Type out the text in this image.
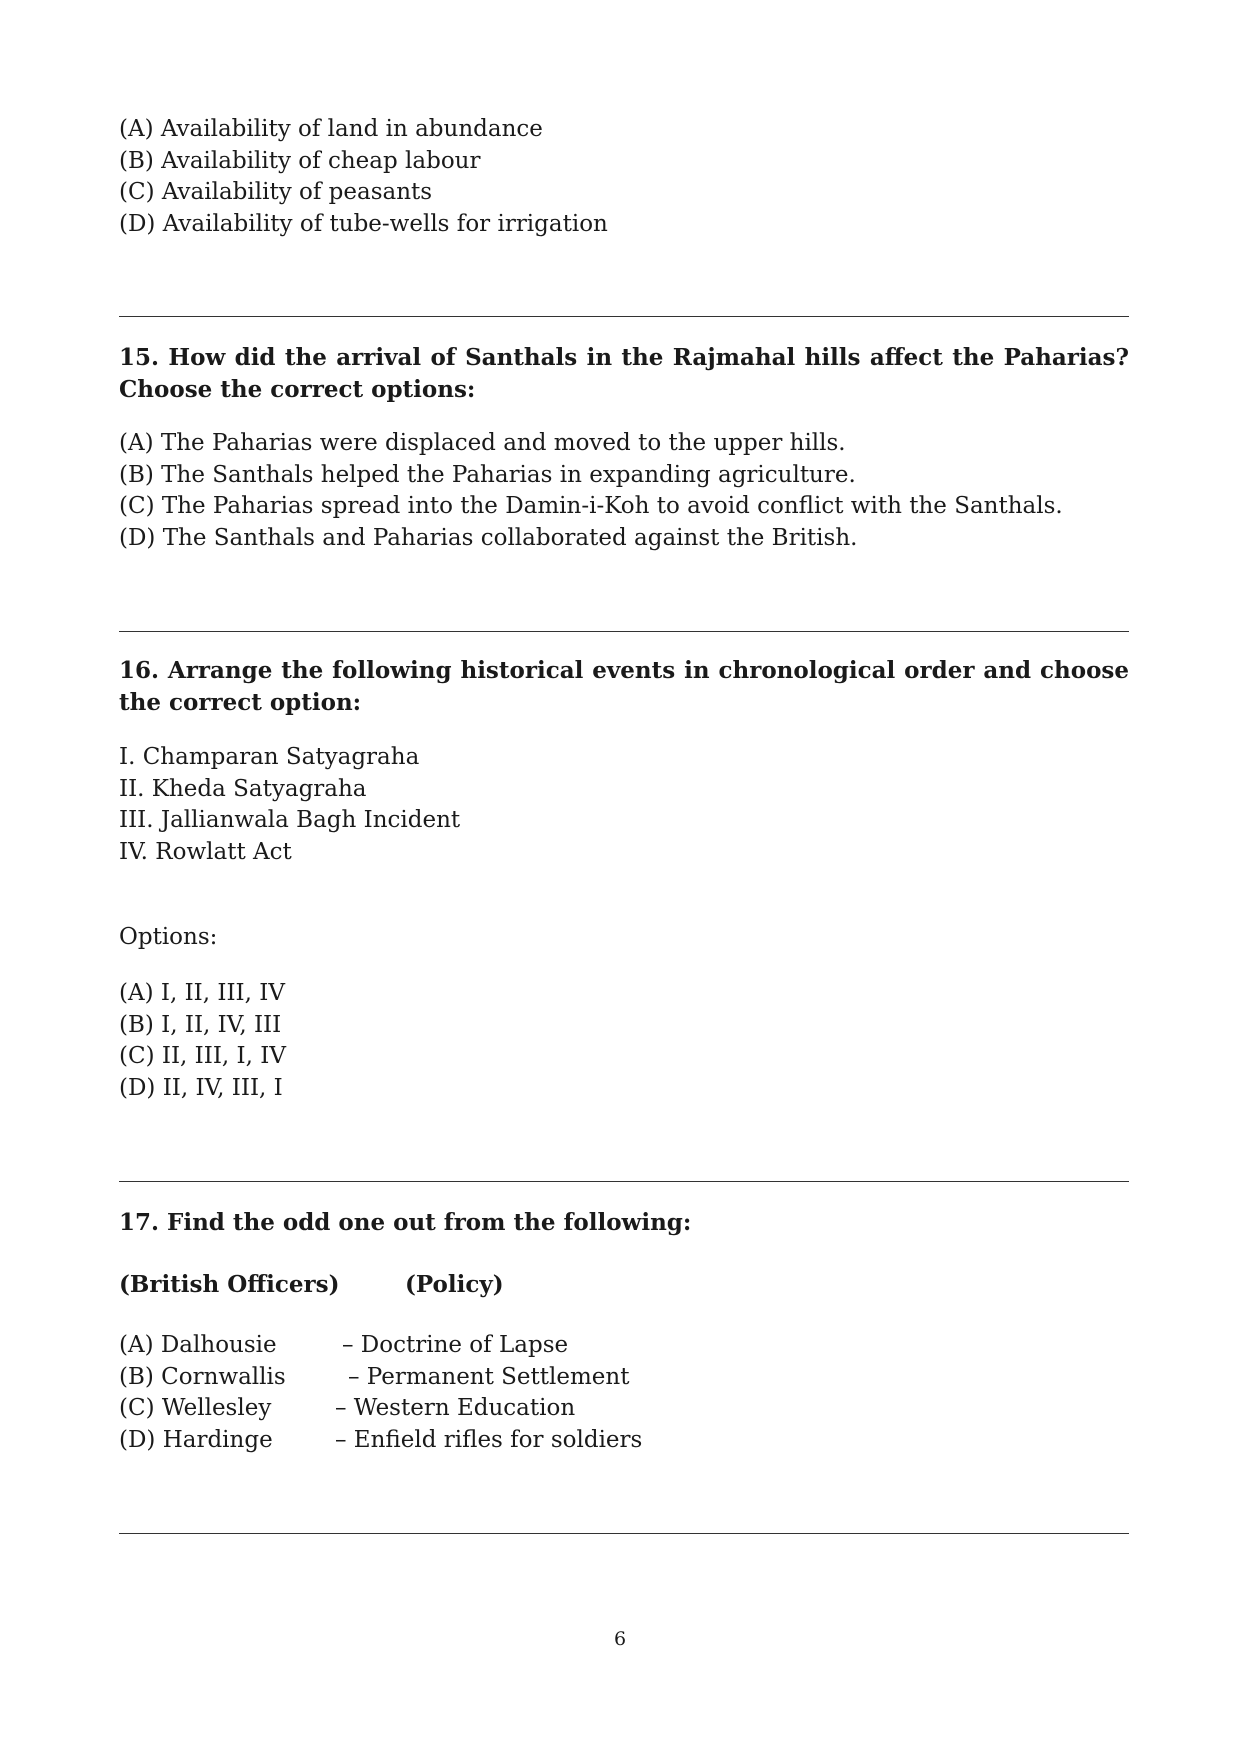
(A) Availability of land in abundance
(B) Availability of cheap labour
(C) Availability of peasants
(D) Availability of tube-wells for irrigation
15. How did the arrival of Santhals in the Rajmahal hills affect the Paharias? Choose the correct options:
(A) The Paharias were displaced and moved to the upper hills.
(B) The Santhals helped the Paharias in expanding agriculture.
(C) The Paharias spread into the Damin-i-Koh to avoid conflict with the Santhals.
(D) The Santhals and Paharias collaborated against the British.
16. Arrange the following historical events in chronological order and choose the correct option:
I. Champaran Satyagraha
II. Kheda Satyagraha
III. Jallianwala Bagh Incident
IV. Rowlatt Act
Options:
(A) I, II, III, IV
(B) I, II, IV, III
(C) II, III, I, IV
(D) II, IV, III, I
17. Find the odd one out from the following:
(British Officers)	(Policy)
(A) Dalhousie	– Doctrine of Lapse
(B) Cornwallis	– Permanent Settlement
(C) Wellesley	– Western Education
(D) Hardinge	– Enfield rifles for soldiers
6
